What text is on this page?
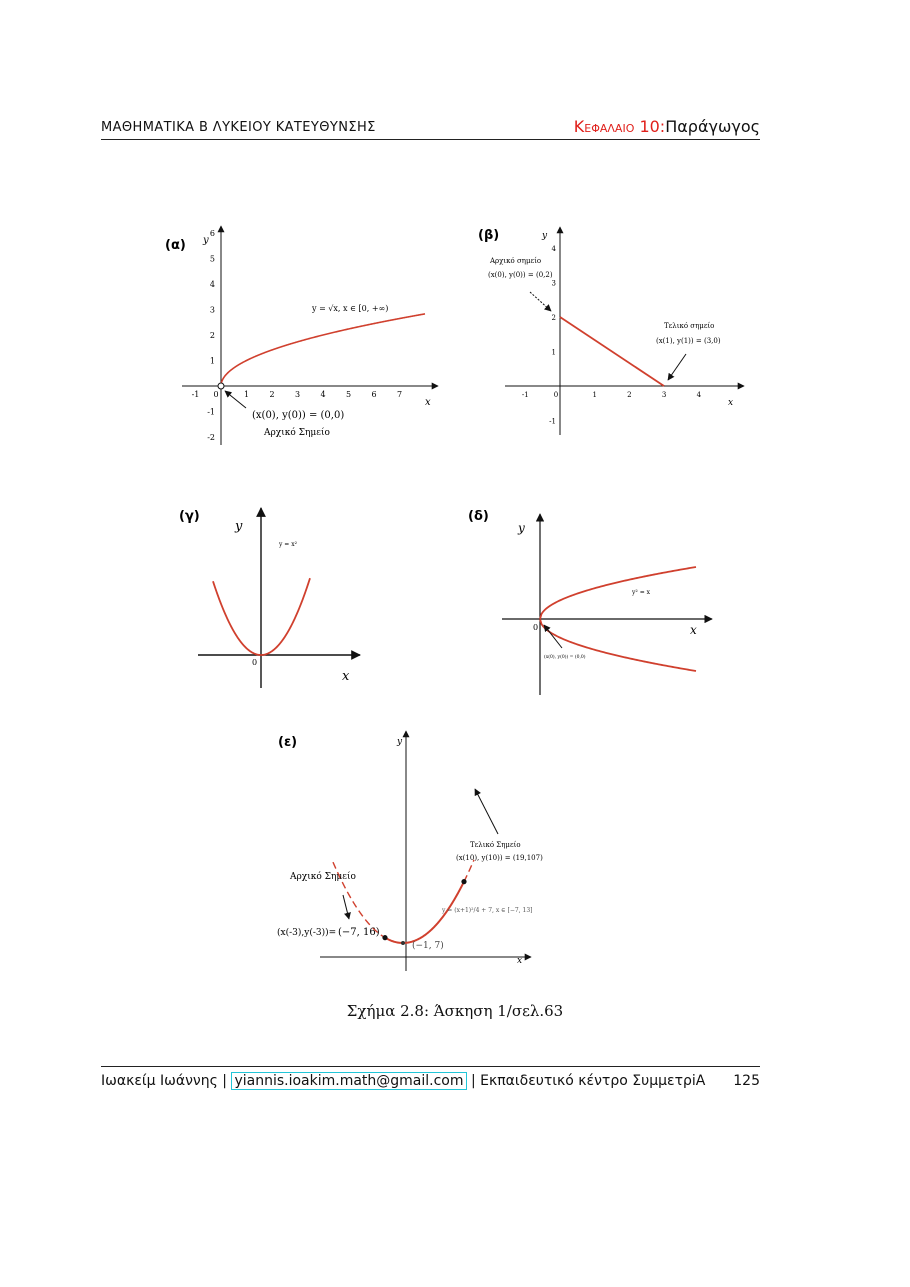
ΜΑΘΗΜΑΤΙΚΑ Β ΛΥΚΕΙΟΥ ΚΑΤΕΥΘΥΝΣΗΣ	Κεφαλαιο 10:Παράγωγος
(α)
x
y
-1 0	1	2	3	4	5	6	7
6
5
4
3
2
1
-1
-2
y = √x, x ∈ [0, +∞)
(x(0), y(0)) = (0,0)
Αρχικό Σημείο
(β)
x
y
-1	0	1	2	3	4
4
3
2
1
-1
Αρχικό σημείο
(x(0), y(0)) = (0,2)
Τελικό σημείο
(x(1), y(1)) = (3,0)
(γ)
x
y
0
y = x²
(δ)
x
y
0
y² = x
(x(0), y(0)) = (0,0)
(ε)
x
y
(−1, 7)
Τελικό Σημείο
(x(10), y(10)) = (19,107)
Αρχικό Σημείο
(x(-3),y(-3))= (−7, 16)
y = (x+1)²/4 + 7, x ∈ [−7, 13]
Σχήμα 2.8: Άσκηση 1/σελ.63
Ιωακείμ Ιωάννης | yiannis.ioakim.math@gmail.com | Εκπαιδευτικό κέντρο ΣυμμετρiΑ 125
